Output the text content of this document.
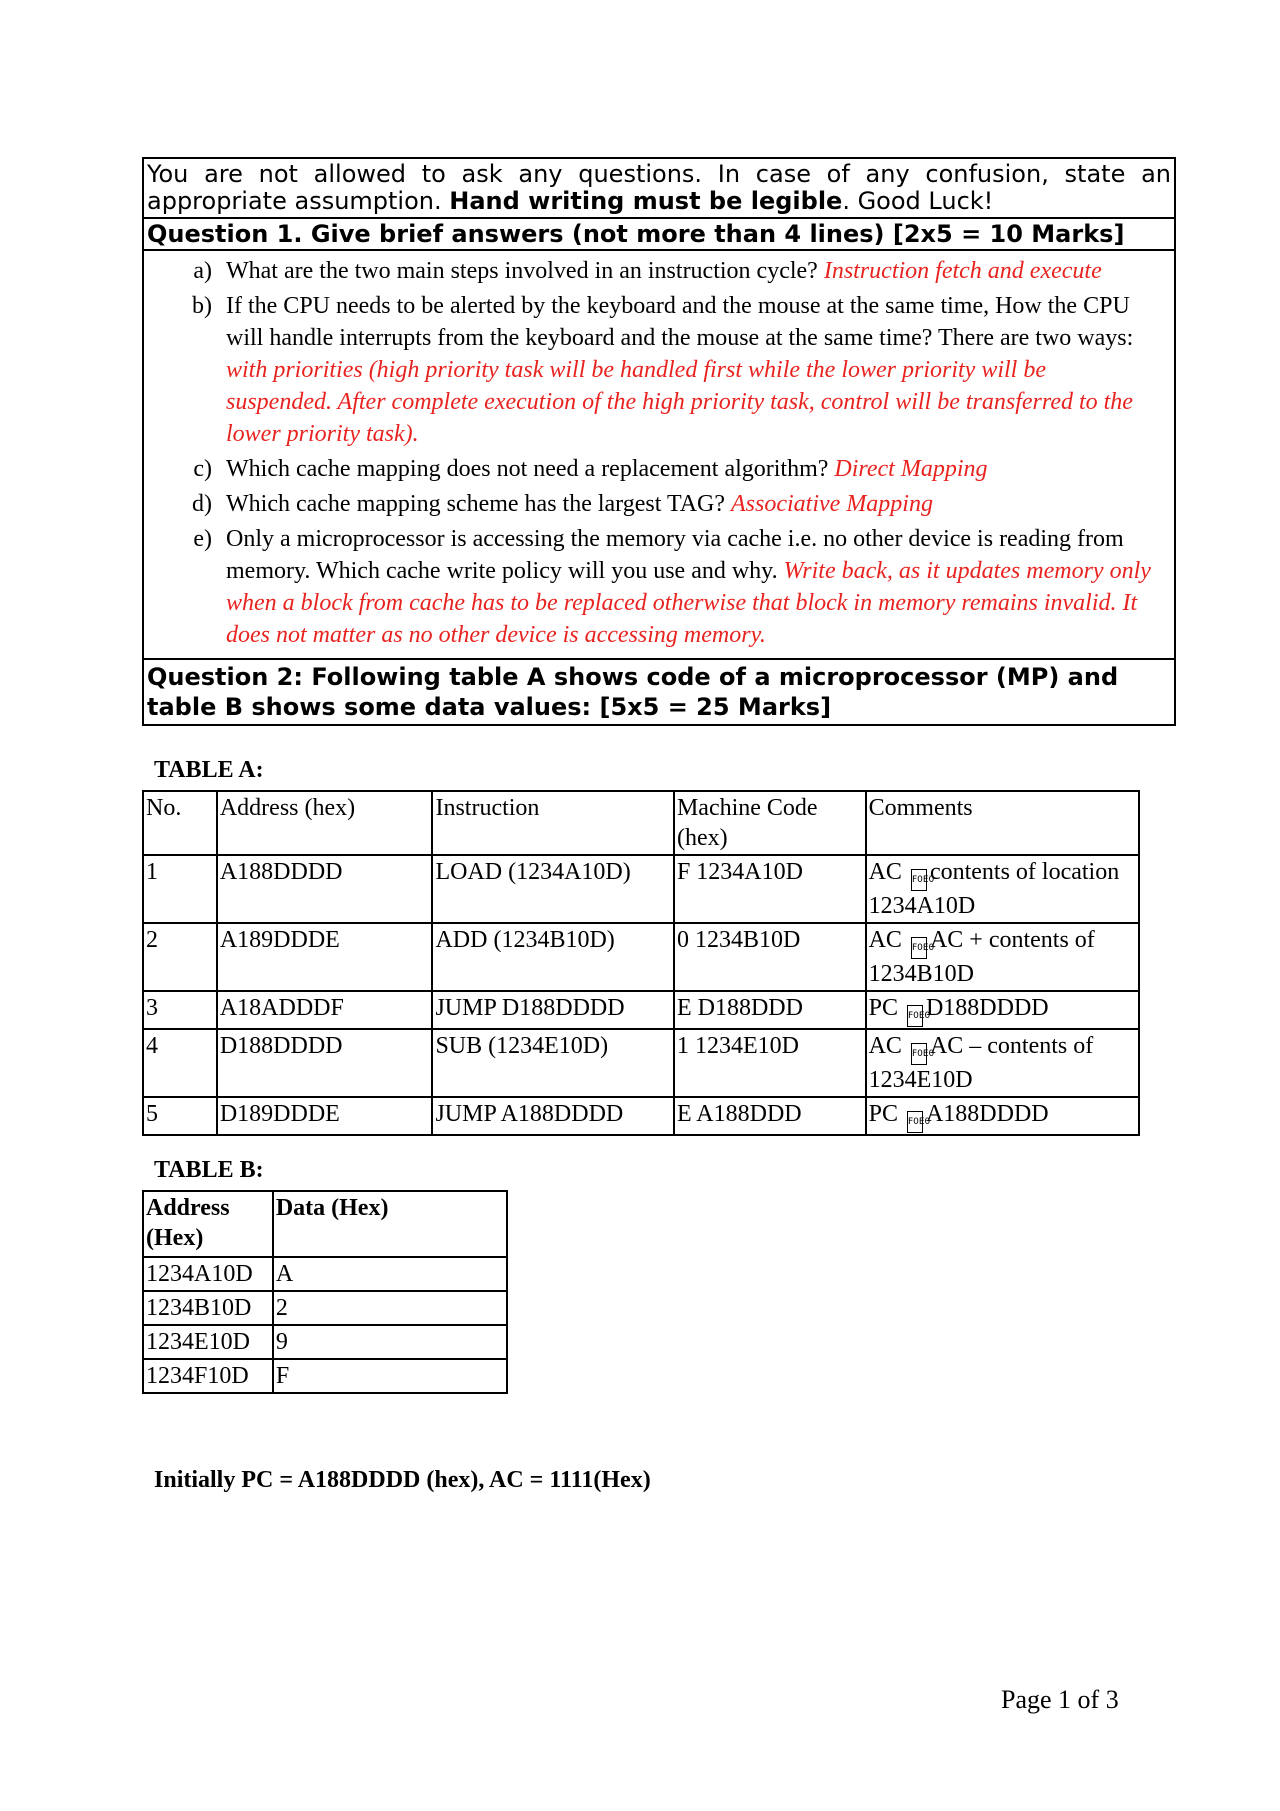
You are not allowed to ask any questions. In case of any confusion, state an appropriate assumption. Hand writing must be legible. Good Luck!
Question 1. Give brief answers (not more than 4 lines) [2x5 = 10 Marks]
a) What are the two main steps involved in an instruction cycle? Instruction fetch and execute
b) If the CPU needs to be alerted by the keyboard and the mouse at the same time, How the CPU will handle interrupts from the keyboard and the mouse at the same time? There are two ways: with priorities (high priority task will be handled first while the lower priority will be suspended. After complete execution of the high priority task, control will be transferred to the lower priority task).
c) Which cache mapping does not need a replacement algorithm? Direct Mapping
d) Which cache mapping scheme has the largest TAG? Associative Mapping
e) Only a microprocessor is accessing the memory via cache i.e. no other device is reading from memory. Which cache write policy will you use and why. Write back, as it updates memory only when a block from cache has to be replaced otherwise that block in memory remains invalid. It does not matter as no other device is accessing memory.
Question 2: Following table A shows code of a microprocessor (MP) and table B shows some data values: [5x5 = 25 Marks]
TABLE A:
No.	Address (hex)	Instruction	Machine Code (hex)	Comments
1	A188DDDD	LOAD (1234A10D)	F 1234A10D	AC F0E0contents of location 1234A10D
2	A189DDDE	ADD (1234B10D)	0 1234B10D	AC F0E0AC + contents of 1234B10D
3	A18ADDDF	JUMP D188DDDD	E D188DDD	PC F0E0D188DDDD
4	D188DDDD	SUB (1234E10D)	1 1234E10D	AC F0E0AC – contents of 1234E10D
5	D189DDDE	JUMP A188DDDD	E A188DDD	PC F0E0A188DDDD
TABLE B:
Address (Hex)	Data (Hex)
1234A10D	A
1234B10D	2
1234E10D	9
1234F10D	F
Initially PC = A188DDDD (hex), AC = 1111(Hex)
Page 1 of 3
